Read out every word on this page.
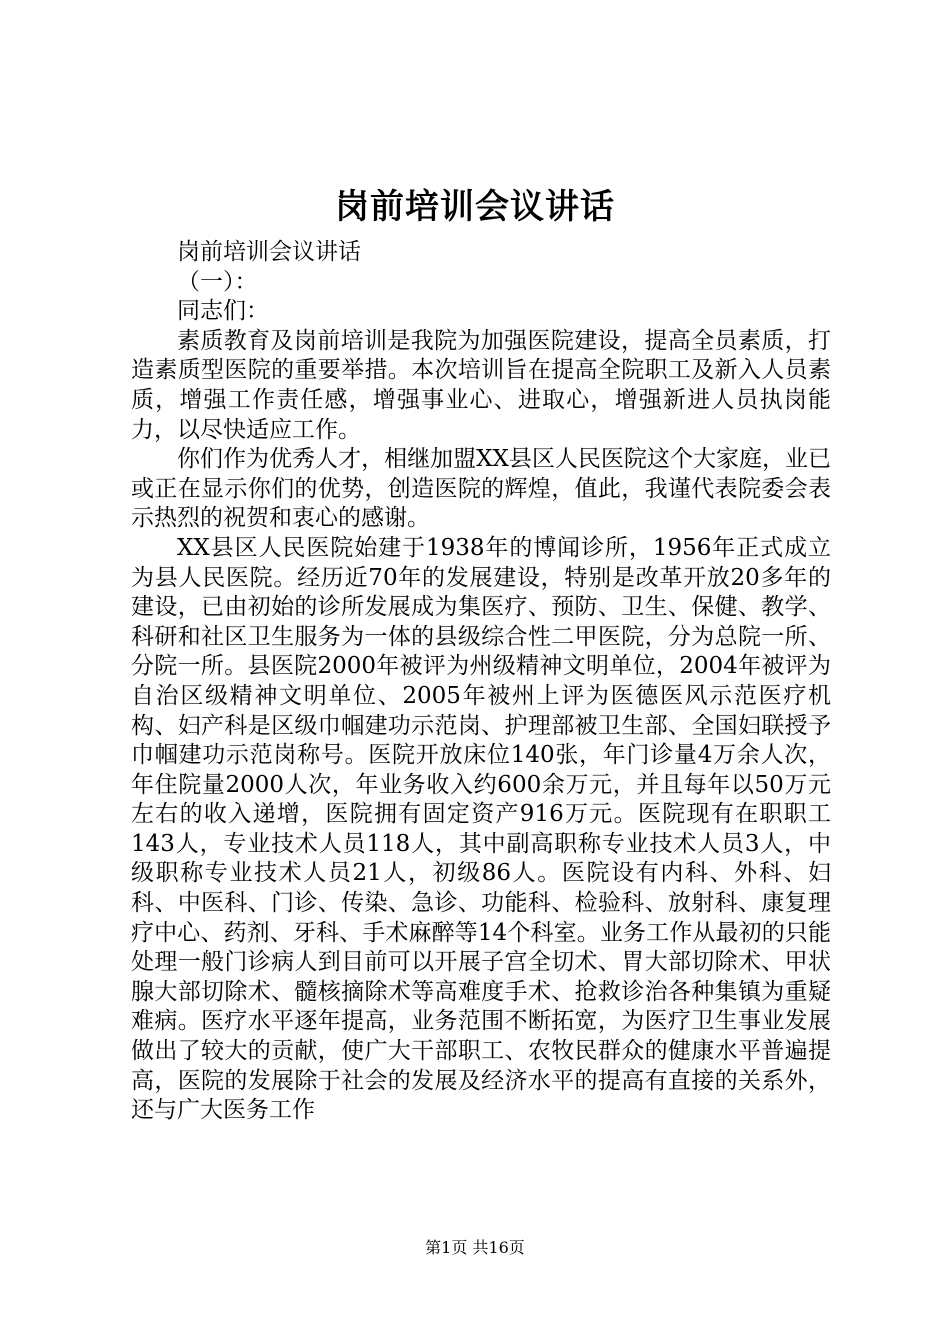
岗前培训会议讲话

岗前培训会议讲话

（一）：

同志们：

素质教育及岗前培训是我院为加强医院建设，提高全员素质，打造素质型医院的重要举措。本次培训旨在提高全院职工及新入人员素质，增强工作责任感，增强事业心、进取心，增强新进人员执岗能力，以尽快适应工作。

你们作为优秀人才，相继加盟XX县区人民医院这个大家庭，业已或正在显示你们的优势，创造医院的辉煌，值此，我谨代表院委会表示热烈的祝贺和衷心的感谢。

XX县区人民医院始建于1938年的博闻诊所，1956年正式成立为县人民医院。经历近70年的发展建设，特别是改革开放20多年的建设，已由初始的诊所发展成为集医疗、预防、卫生、保健、教学、科研和社区卫生服务为一体的县级综合性二甲医院，分为总院一所、分院一所。县医院2000年被评为州级精神文明单位，2004年被评为自治区级精神文明单位、2005年被州上评为医德医风示范医疗机构、妇产科是区级巾帼建功示范岗、护理部被卫生部、全国妇联授予巾帼建功示范岗称号。医院开放床位140张，年门诊量4万余人次，年住院量2000人次，年业务收入约600余万元，并且每年以50万元左右的收入递增，医院拥有固定资产916万元。医院现有在职职工143人，专业技术人员118人，其中副高职称专业技术人员3人，中级职称专业技术人员21人，初级86人。医院设有内科、外科、妇科、中医科、门诊、传染、急诊、功能科、检验科、放射科、康复理疗中心、药剂、牙科、手术麻醉等14个科室。业务工作从最初的只能处理一般门诊病人到目前可以开展子宫全切术、胃大部切除术、甲状腺大部切除术、髓核摘除术等高难度手术、抢救诊治各种集镇为重疑难病。医疗水平逐年提高，业务范围不断拓宽，为医疗卫生事业发展做出了较大的贡献，使广大干部职工、农牧民群众的健康水平普遍提高，医院的发展除于社会的发展及经济水平的提高有直接的关系外，还与广大医务工作

第1页 共16页
